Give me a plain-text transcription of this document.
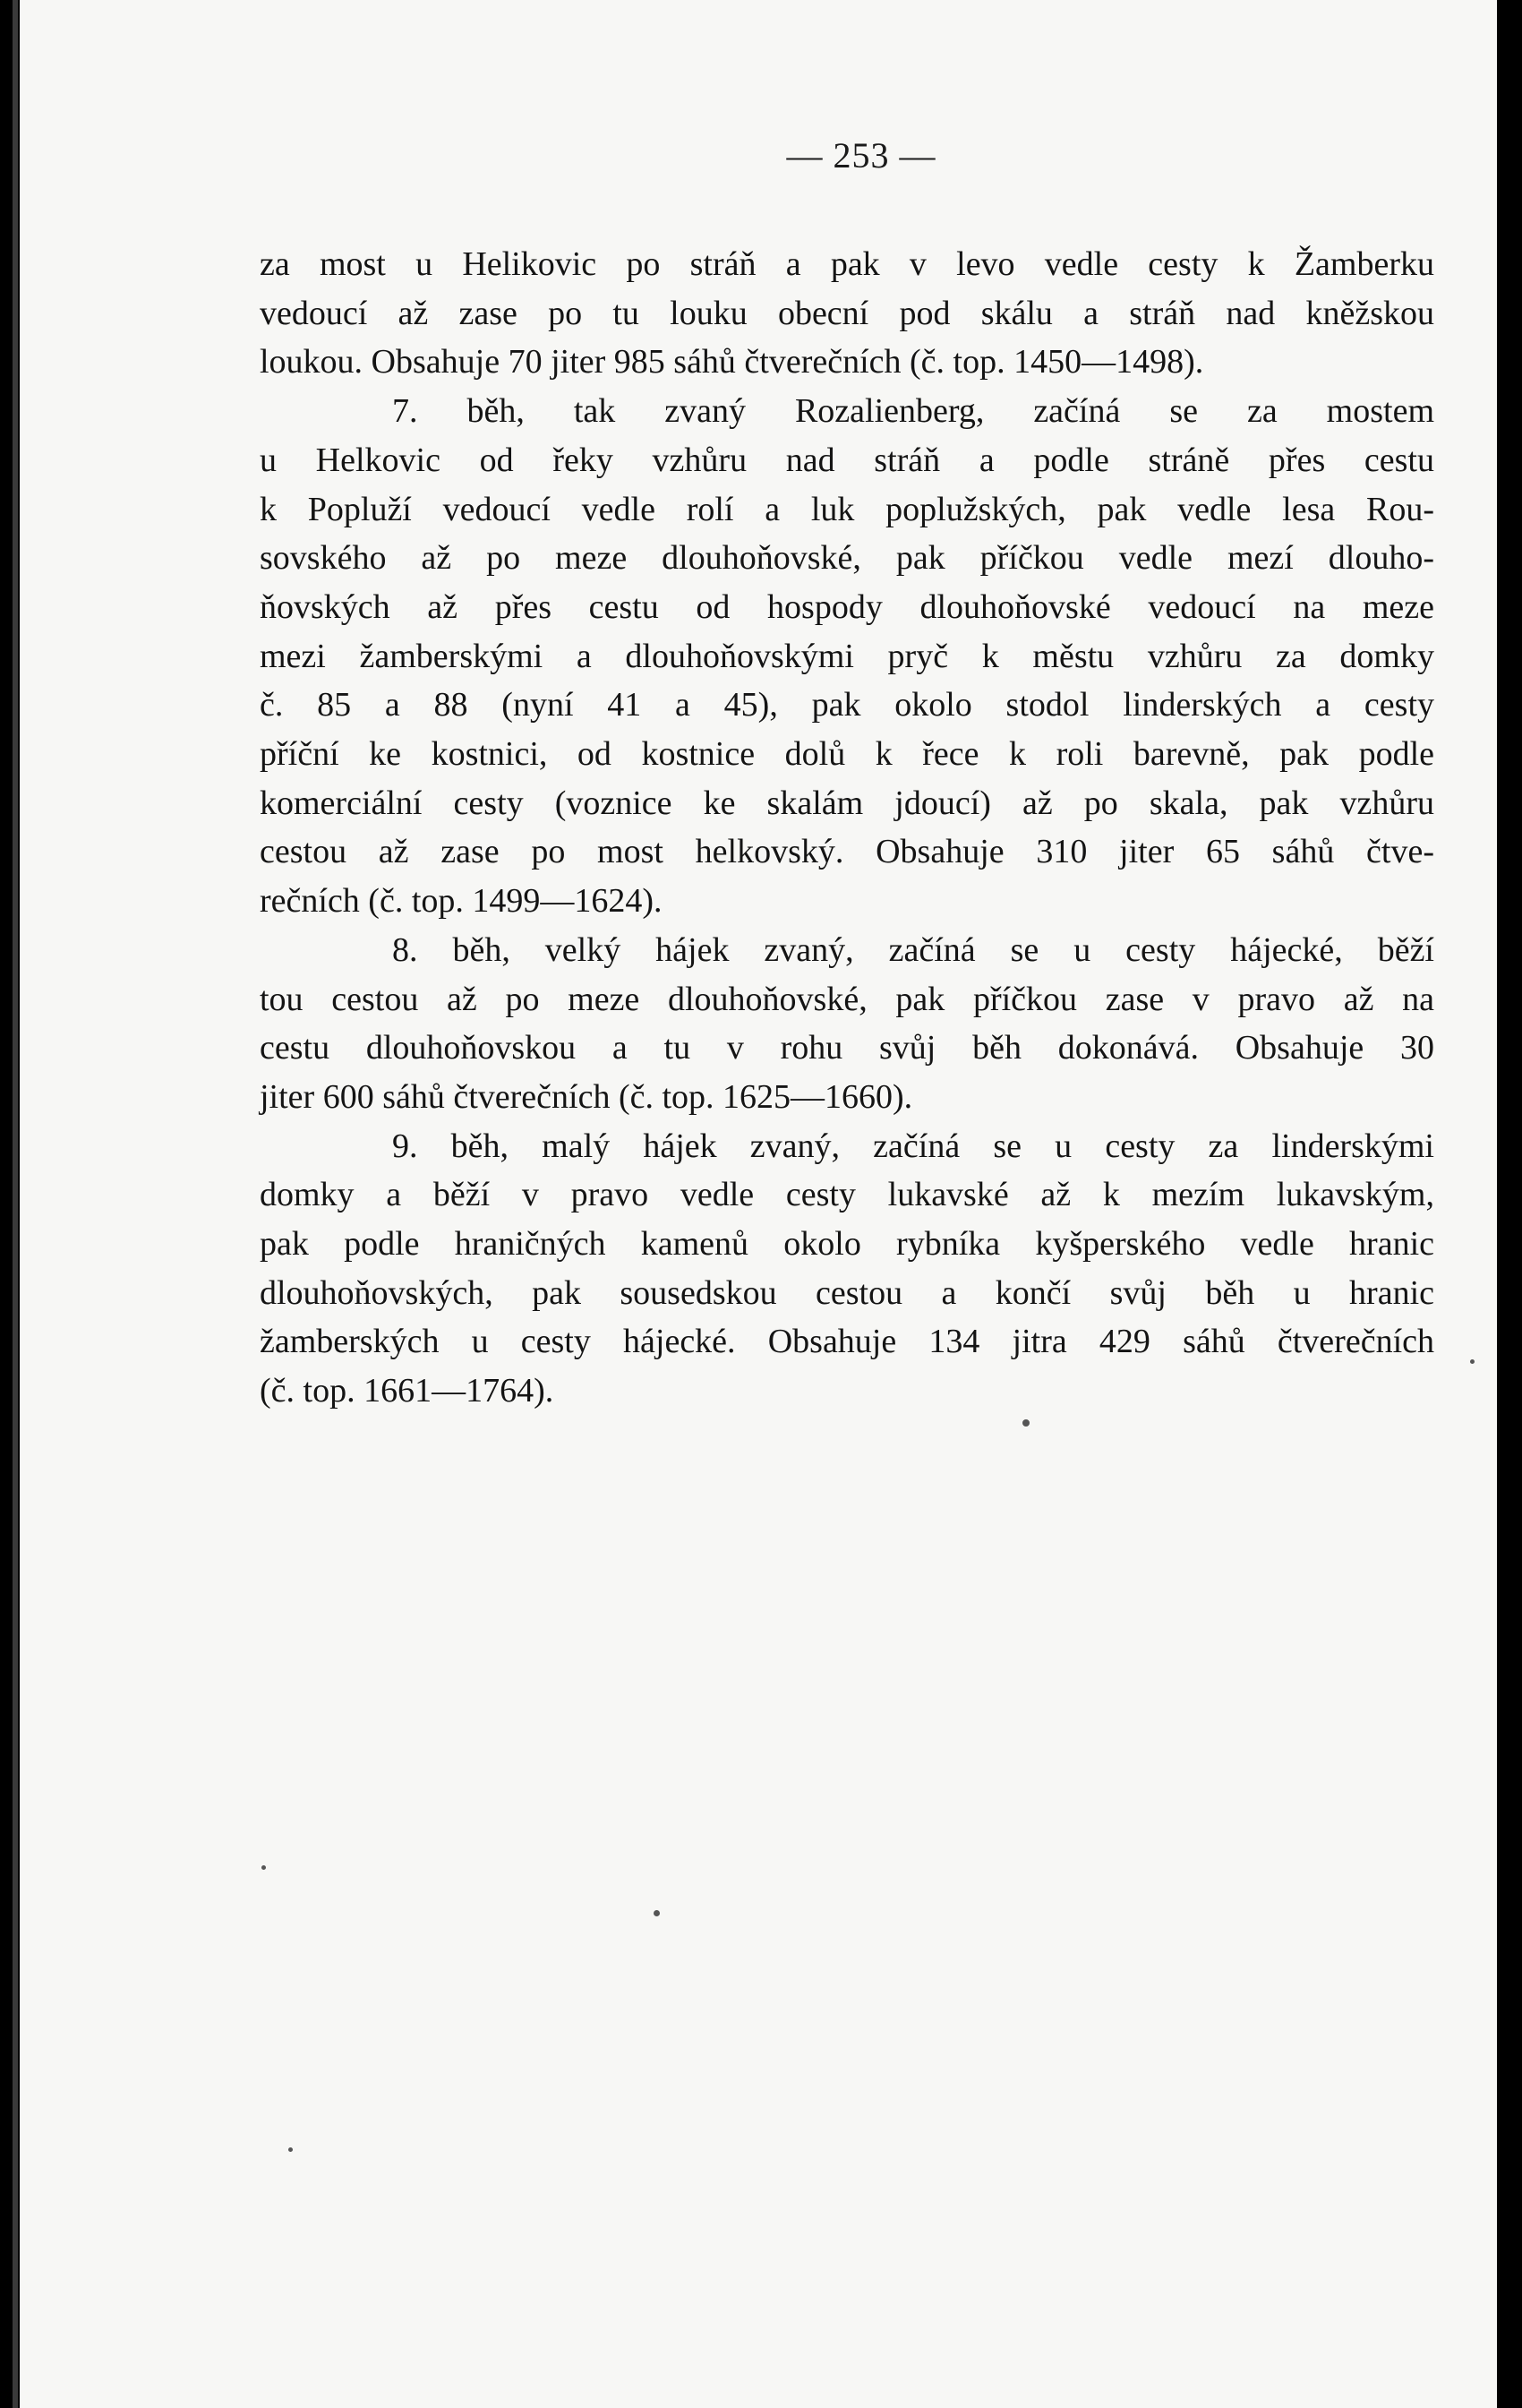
— 253 —
za most u Helikovic po stráň a pak v levo vedle cesty k Žamberku
vedoucí až zase po tu louku obecní pod skálu a stráň nad kněžskou
loukou. Obsahuje 70 jiter 985 sáhů čtverečních (č. top. 1450—1498).
7. běh, tak zvaný Rozalienberg, začíná se za mostem
u Helkovic od řeky vzhůru nad stráň a podle stráně přes cestu
k Popluží vedoucí vedle rolí a luk poplužských, pak vedle lesa Rou-
sovského až po meze dlouhoňovské, pak příčkou vedle mezí dlouho-
ňovských až přes cestu od hospody dlouhoňovské vedoucí na meze
mezi žamberskými a dlouhoňovskými pryč k městu vzhůru za domky
č. 85 a 88 (nyní 41 a 45), pak okolo stodol linderských a cesty
příční ke kostnici, od kostnice dolů k řece k roli barevně, pak podle
komerciální cesty (voznice ke skalám jdoucí) až po skala, pak vzhůru
cestou až zase po most helkovský. Obsahuje 310 jiter 65 sáhů čtve-
rečních (č. top. 1499—1624).
8. běh, velký hájek zvaný, začíná se u cesty hájecké, běží
tou cestou až po meze dlouhoňovské, pak příčkou zase v pravo až na
cestu dlouhoňovskou a tu v rohu svůj běh dokonává. Obsahuje 30
jiter 600 sáhů čtverečních (č. top. 1625—1660).
9. běh, malý hájek zvaný, začíná se u cesty za linderskými
domky a běží v pravo vedle cesty lukavské až k mezím lukavským,
pak podle hraničných kamenů okolo rybníka kyšperského vedle hranic
dlouhoňovských, pak sousedskou cestou a končí svůj běh u hranic
žamberských u cesty hájecké. Obsahuje 134 jitra 429 sáhů čtverečních
(č. top. 1661—1764).
